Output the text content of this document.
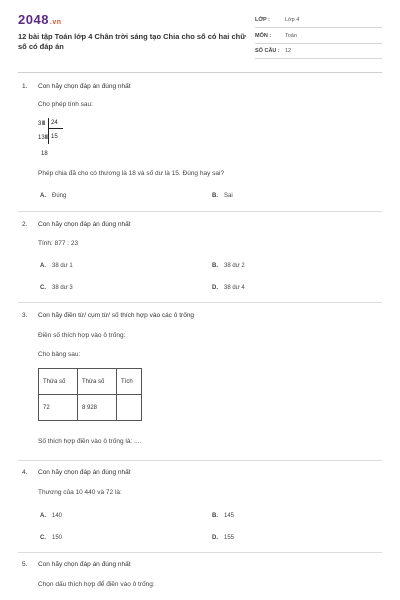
2048.vn
12 bài tập Toán lớp 4 Chân trời sáng tạo Chia cho số có hai chữ số có đáp án
LỚP :	Lớp 4
MÔN :	Toán
SỐ CÂU : 12
1.	Con hãy chọn đáp án đúng nhất
Cho phép tính sau:
3Ⅲ 24
13Ⅲ 15
18
Phép chia đã cho có thương là 18 và số dư là 15. Đúng hay sai?
A. Đúng	B. Sai
2.	Con hãy chọn đáp án đúng nhất
Tính: 877 : 23
A. 38 dư 1	B. 38 dư 2
C. 38 dư 3	D. 38 dư 4
3.	Con hãy điền từ/ cụm từ/ số thích hợp vào các ô trống
Điền số thích hợp vào ô trống:
Cho bảng sau:
Thừa số	Thừa số	Tích
72	8 928	
Số thích hợp điền vào ô trống là: ....
4.	Con hãy chọn đáp án đúng nhất
Thương của 10 440 và 72 là:
A. 140	B. 145
C. 150	D. 155
5.	Con hãy chọn đáp án đúng nhất
Chọn dấu thích hợp để điền vào ô trống:
